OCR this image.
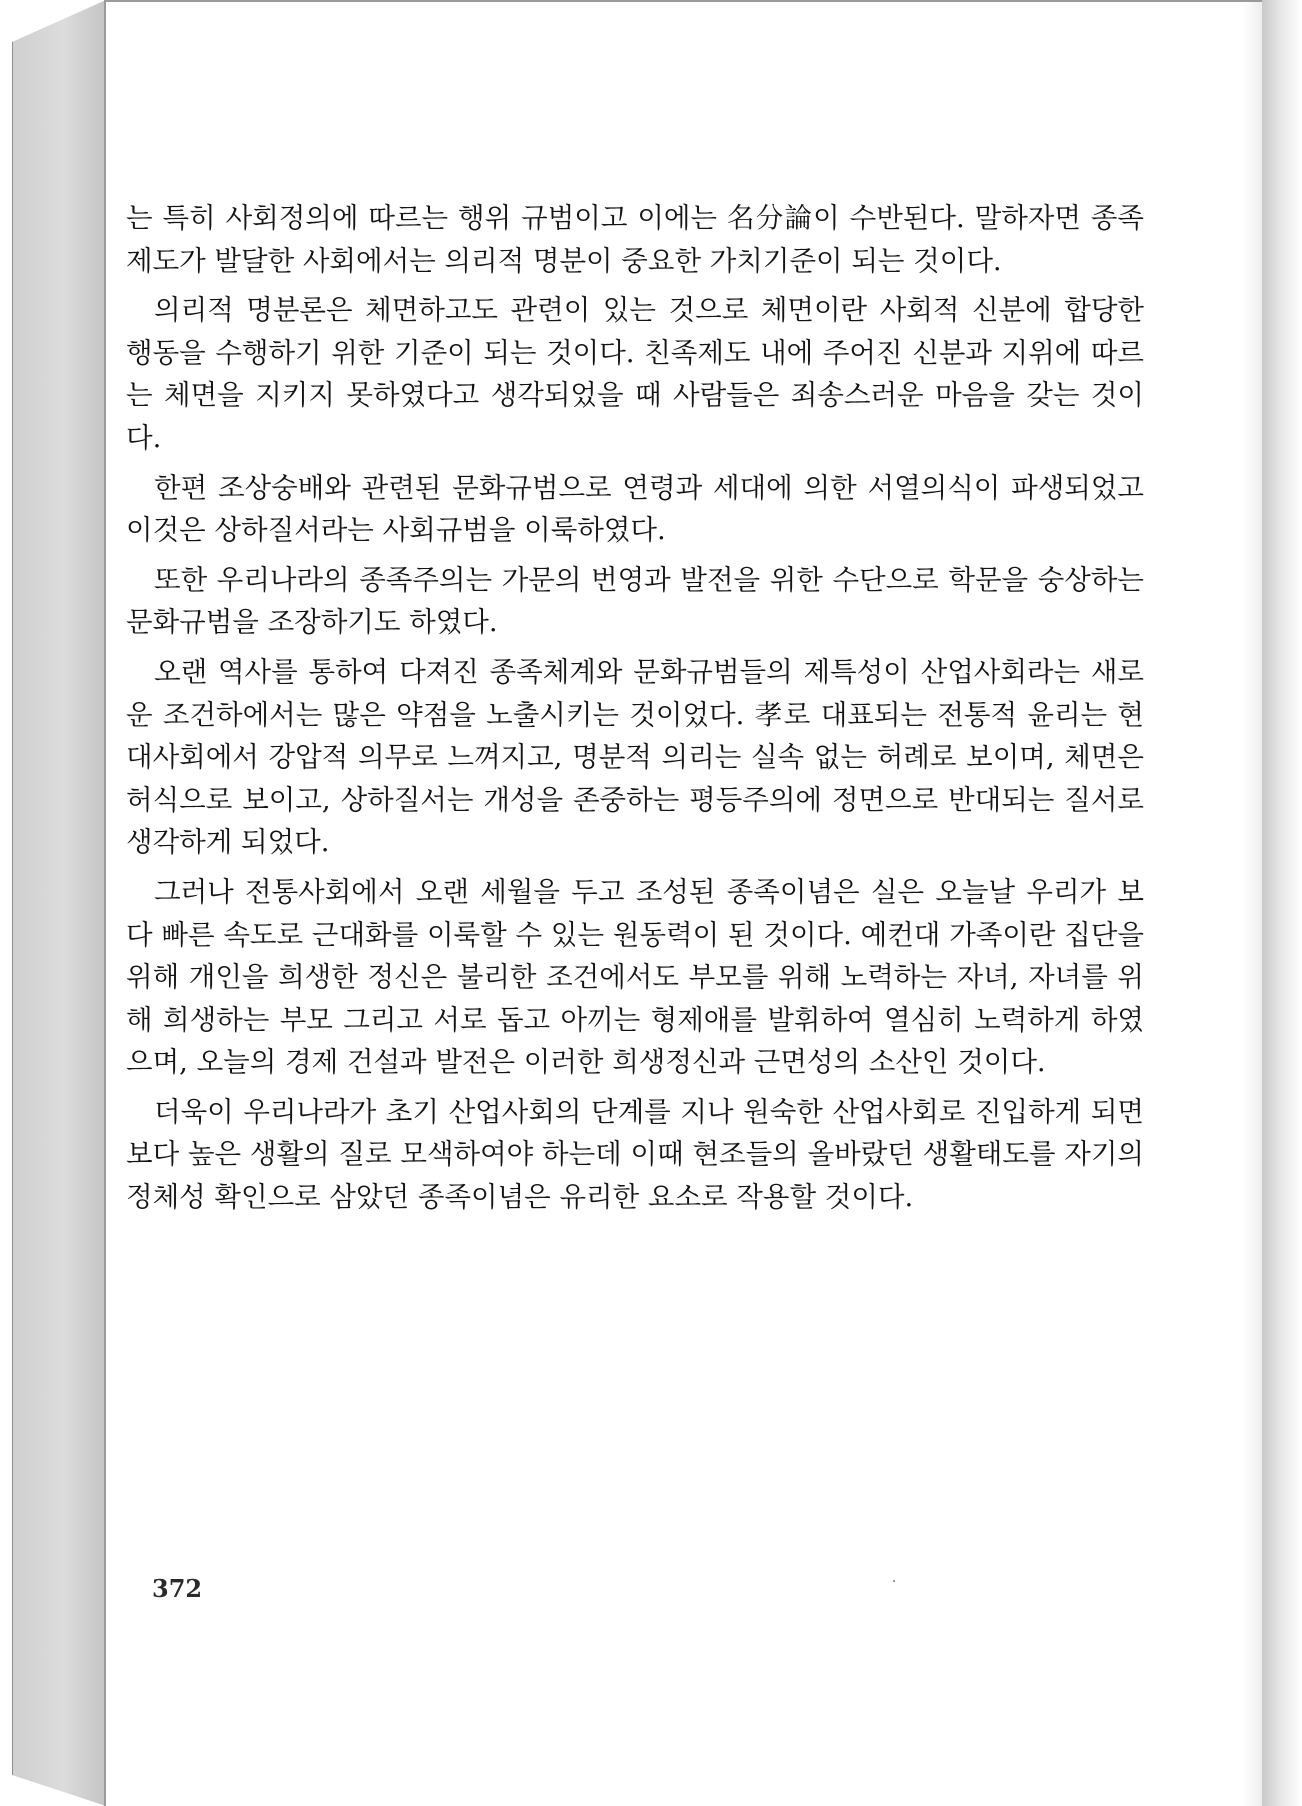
는 특히 사회정의에 따르는 행위 규범이고 이에는 名分論이 수반된다. 말하자면 종족제도가 발달한 사회에서는 의리적 명분이 중요한 가치기준이 되는 것이다.

의리적 명분론은 체면하고도 관련이 있는 것으로 체면이란 사회적 신분에 합당한 행동을 수행하기 위한 기준이 되는 것이다. 친족제도 내에 주어진 신분과 지위에 따르는 체면을 지키지 못하였다고 생각되었을 때 사람들은 죄송스러운 마음을 갖는 것이다.

한편 조상숭배와 관련된 문화규범으로 연령과 세대에 의한 서열의식이 파생되었고 이것은 상하질서라는 사회규범을 이룩하였다.

또한 우리나라의 종족주의는 가문의 번영과 발전을 위한 수단으로 학문을 숭상하는 문화규범을 조장하기도 하였다.

오랜 역사를 통하여 다져진 종족체계와 문화규범들의 제특성이 산업사회라는 새로운 조건하에서는 많은 약점을 노출시키는 것이었다. 孝로 대표되는 전통적 윤리는 현대사회에서 강압적 의무로 느껴지고, 명분적 의리는 실속 없는 허례로 보이며, 체면은 허식으로 보이고, 상하질서는 개성을 존중하는 평등주의에 정면으로 반대되는 질서로 생각하게 되었다.

그러나 전통사회에서 오랜 세월을 두고 조성된 종족이념은 실은 오늘날 우리가 보다 빠른 속도로 근대화를 이룩할 수 있는 원동력이 된 것이다. 예컨대 가족이란 집단을 위해 개인을 희생한 정신은 불리한 조건에서도 부모를 위해 노력하는 자녀, 자녀를 위해 희생하는 부모 그리고 서로 돕고 아끼는 형제애를 발휘하여 열심히 노력하게 하였으며, 오늘의 경제 건설과 발전은 이러한 희생정신과 근면성의 소산인 것이다.

더욱이 우리나라가 초기 산업사회의 단계를 지나 원숙한 산업사회로 진입하게 되면 보다 높은 생활의 질로 모색하여야 하는데 이때 현조들의 올바랐던 생활태도를 자기의 정체성 확인으로 삼았던 종족이념은 유리한 요소로 작용할 것이다.

372
